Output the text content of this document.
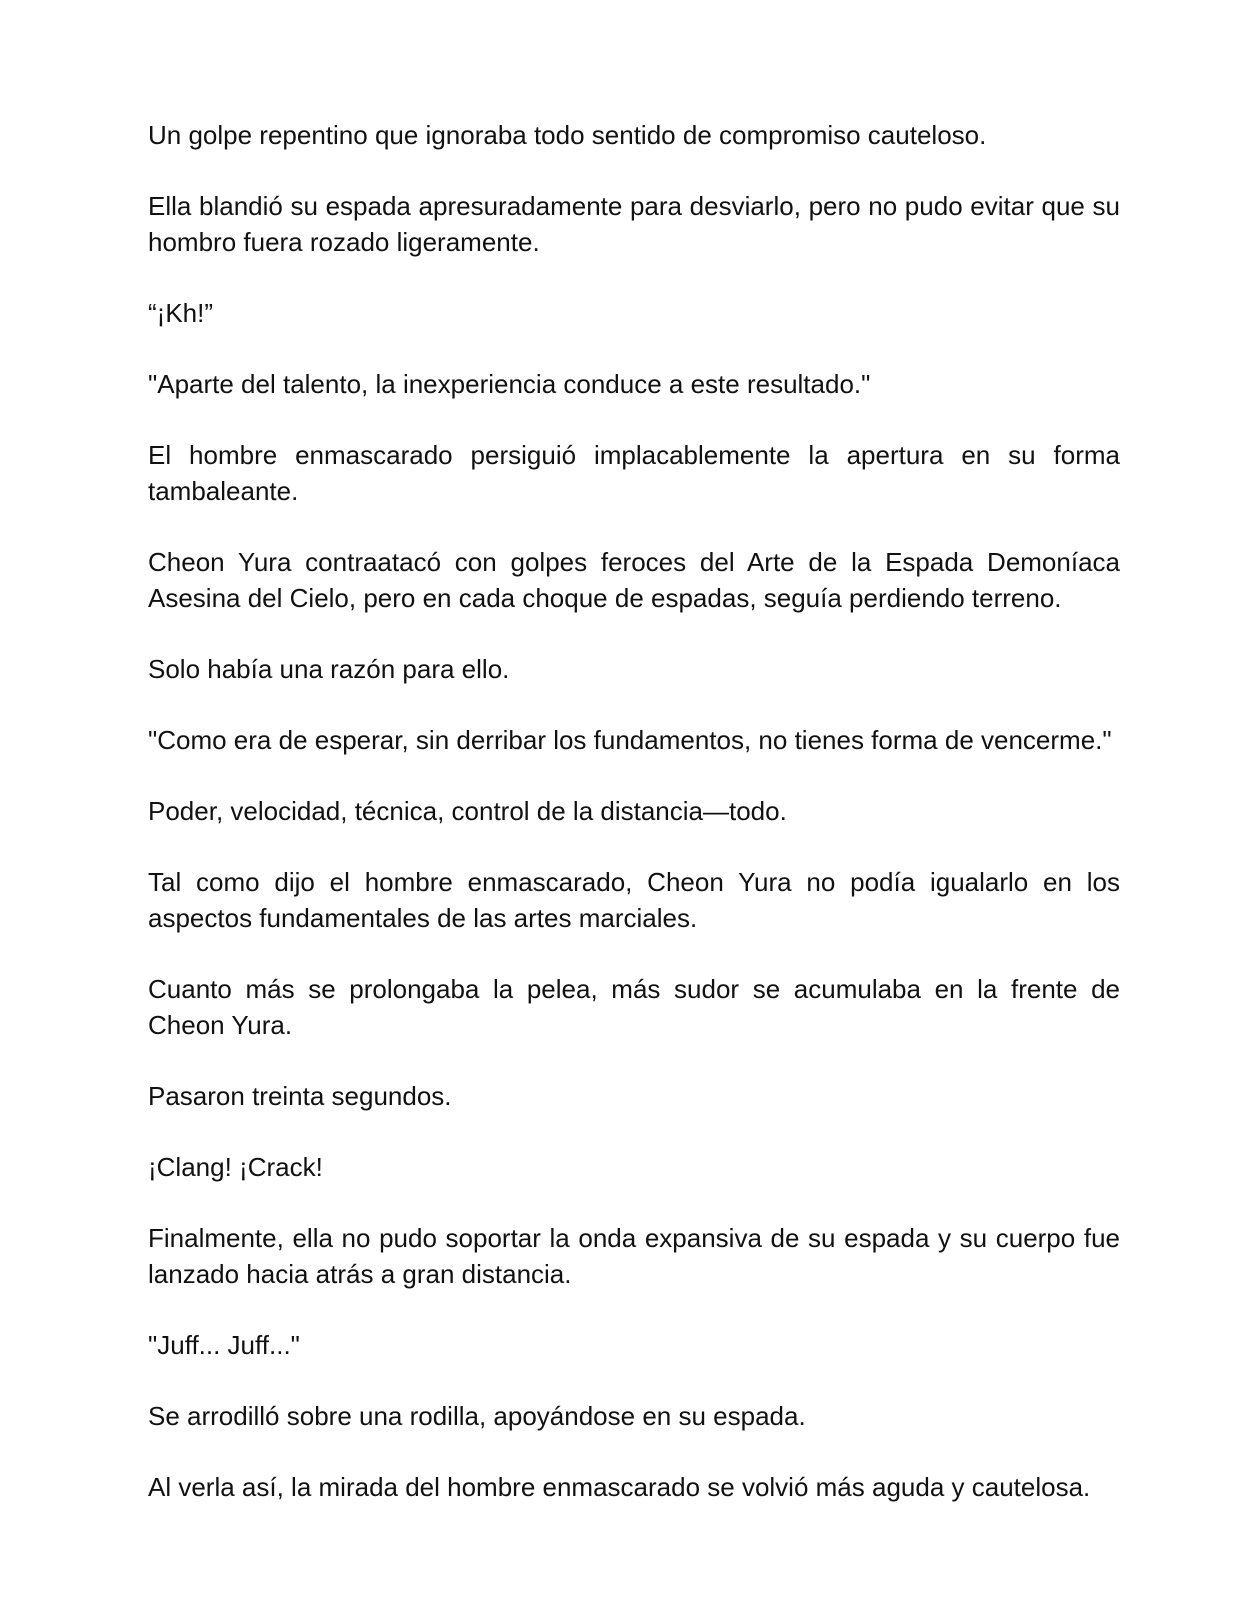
Un golpe repentino que ignoraba todo sentido de compromiso cauteloso.

Ella blandió su espada apresuradamente para desviarlo, pero no pudo evitar que su hombro fuera rozado ligeramente.

“¡Kh!”

"Aparte del talento, la inexperiencia conduce a este resultado."

El hombre enmascarado persiguió implacablemente la apertura en su forma tambaleante.

Cheon Yura contraatacó con golpes feroces del Arte de la Espada Demoníaca Asesina del Cielo, pero en cada choque de espadas, seguía perdiendo terreno.

Solo había una razón para ello.

"Como era de esperar, sin derribar los fundamentos, no tienes forma de vencerme."

Poder, velocidad, técnica, control de la distancia—todo.

Tal como dijo el hombre enmascarado, Cheon Yura no podía igualarlo en los aspectos fundamentales de las artes marciales.

Cuanto más se prolongaba la pelea, más sudor se acumulaba en la frente de Cheon Yura.

Pasaron treinta segundos.

¡Clang! ¡Crack!

Finalmente, ella no pudo soportar la onda expansiva de su espada y su cuerpo fue lanzado hacia atrás a gran distancia.

"Juff... Juff..."

Se arrodilló sobre una rodilla, apoyándose en su espada.

Al verla así, la mirada del hombre enmascarado se volvió más aguda y cautelosa.
